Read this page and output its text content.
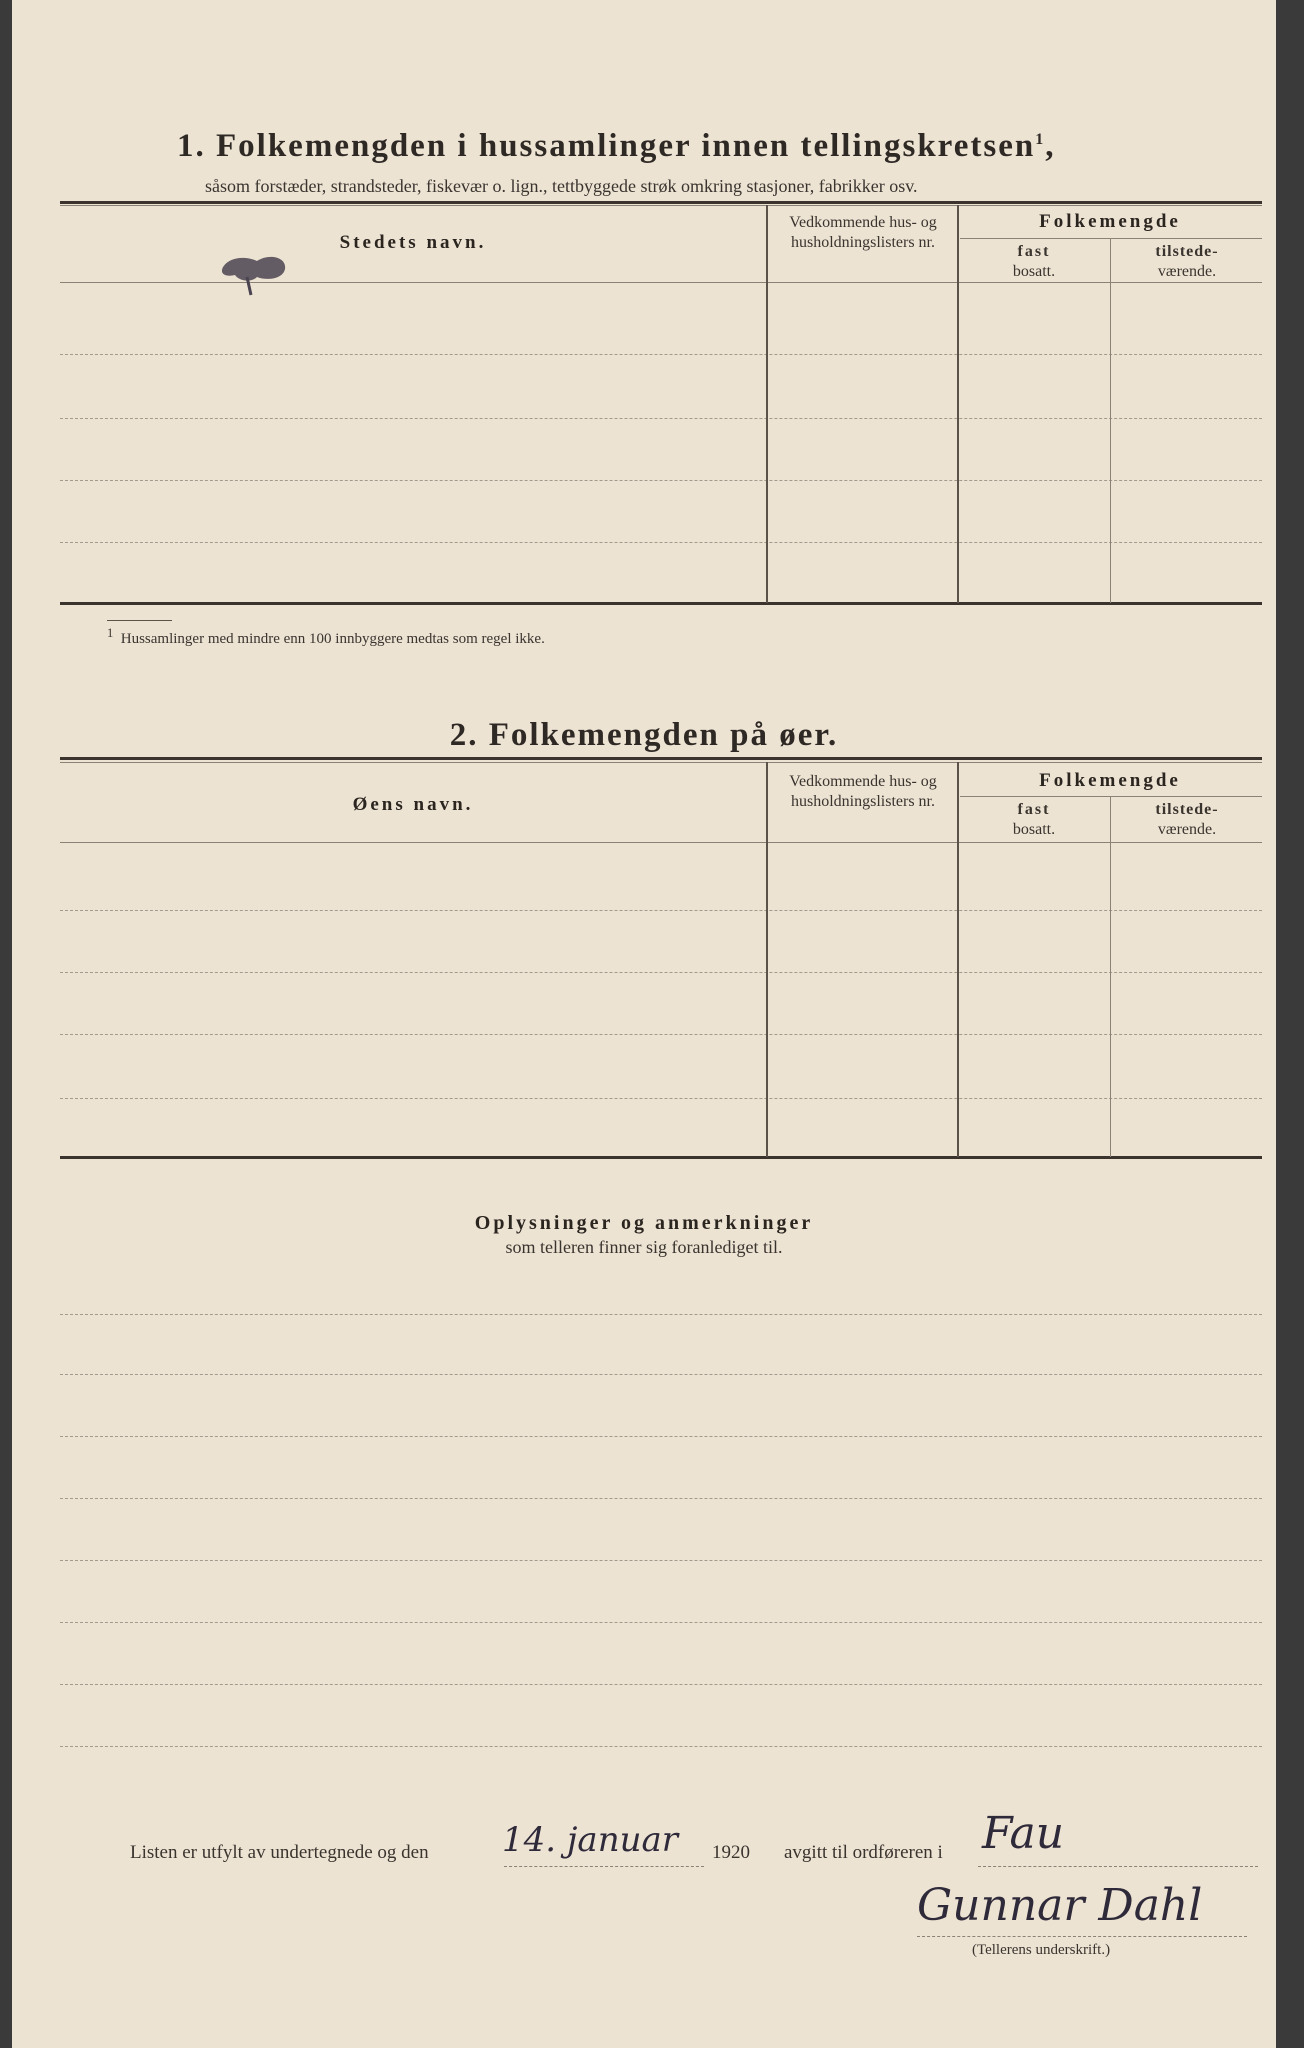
1. Folkemengden i hussamlinger innen tellingskretsen$^1$,
såsom forstæder, strandsteder, fiskevær o. lign., tettbyggede strøk omkring stasjoner, fabrikker osv.
Stedets navn.
Vedkommende hus- og husholdningslisters nr.
Folkemengde
fast
bosatt.
tilstede-
værende.
$^1$ Hussamlinger med mindre enn 100 innbyggere medtas som regel ikke.
2. Folkemengden på øer.
Øens navn.
Vedkommende hus- og husholdningslisters nr.
Folkemengde
fast
bosatt.
tilstede-
værende.
Oplysninger og anmerkninger
som telleren finner sig foranlediget til.
Listen er utfylt av undertegnede og den 14. januar 1920 avgitt til ordføreren i Fau
Gunnar Dahl
(Tellerens underskrift.)
